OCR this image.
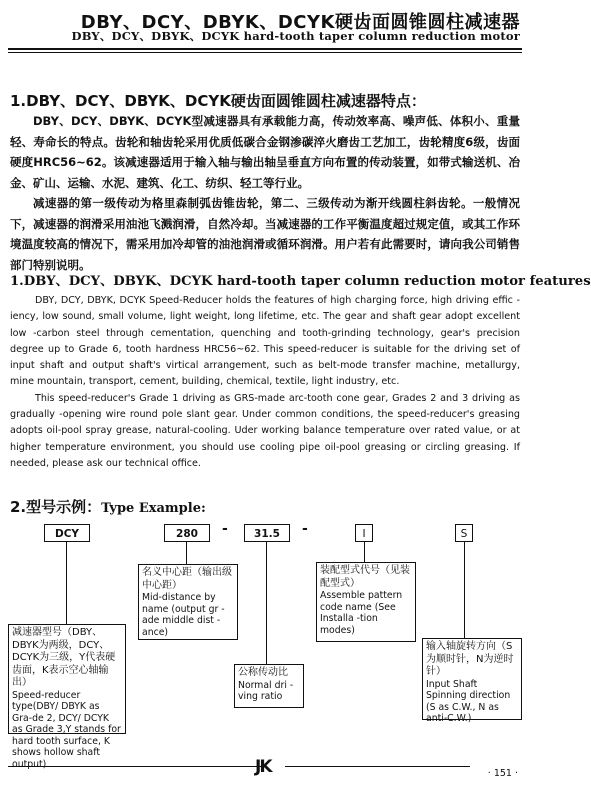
DBY、DCY、DBYK、DCYK硬齿面圆锥圆柱减速器
DBY、DCY、DBYK、DCYK hard-tooth taper column reduction motor
1.DBY、DCY、DBYK、DCYK硬齿面圆锥圆柱减速器特点：

DBY、DCY、DBYK、DCYK型减速器具有承载能力高，传动效率高、噪声低、体积小、重量轻、寿命长的特点。齿轮和轴齿轮采用优质低碳合金钢渗碳淬火磨齿工艺加工，齿轮精度6级，齿面硬度HRC56~62。该减速器适用于输入轴与输出轴呈垂直方向布置的传动装置，如带式输送机、冶金、矿山、运输、水泥、建筑、化工、纺织、轻工等行业。

减速器的第一级传动为格里森制弧齿锥齿轮，第二、三级传动为渐开线圆柱斜齿轮。一般情况下，减速器的润滑采用油池飞溅润滑，自然冷却。当减速器的工作平衡温度超过规定值，或其工作环境温度较高的情况下，需采用加冷却管的油池润滑或循环润滑。用户若有此需要时，请向我公司销售部门特别说明。

1.DBY、DCY、DBYK、DCYK hard-tooth taper column reduction motor features

DBY, DCY, DBYK, DCYK Speed-Reducer holds the features of high charging force, high driving effic -iency, low sound, small volume, light weight, long lifetime, etc. The gear and shaft gear adopt excellent low -carbon steel through cementation, quenching and tooth-grinding technology, gear's precision degree up to Grade 6, tooth hardness HRC56~62. This speed-reducer is suitable for the driving set of input shaft and output shaft's virtical arrangement, such as belt-mode transfer machine, metallurgy, mine mountain, transport, cement, building, chemical, textile, light industry, etc.

This speed-reducer's Grade 1 driving as GRS-made arc-tooth cone gear, Grades 2 and 3 driving as gradually -opening wire round pole slant gear. Under common conditions, the speed-reducer's greasing adopts oil-pool spray grease, natural-cooling. Uder working balance temperature over rated value, or at higher temperature environment, you should use cooling pipe oil-pool greasing or circling greasing. If needed, please ask our technical office.

2.型号示例：Type Example:
DCY	280	-	31.5	-	I	S
减速器型号（DBY、DBYK为两级，DCY、DCYK为三级，Y代表硬齿面，K表示空心轴输出）
Speed-reducer type(DBY/ DBYK as Gra-de 2, DCY/ DCYK as Grade 3,Y stands for hard tooth surface, K shows hollow shaft output)
名义中心距（输出级中心距）
Mid-distance by name (output gr -ade middle dist -ance)
公称传动比
Normal dri -ving ratio
装配型式代号（见装配型式）
Assemble pattern code name (See Installa -tion modes)
输入轴旋转方向（S为顺时针，N为逆时针）
Input Shaft Spinning direction (S as C.W., N as anti-C.W.)
JK	· 151 ·
